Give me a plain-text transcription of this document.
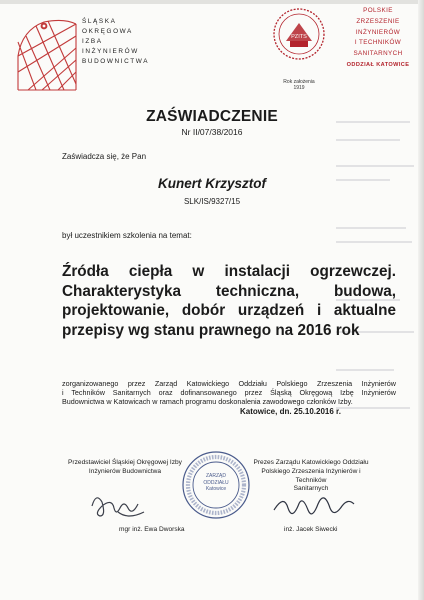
ŚLĄSKA
OKRĘGOWA
IZBA
INŻYNIERÓW
BUDOWNICTWA
PZITS
Rok założenia
1919
POLSKIE
ZRZESZENIE
INŻYNIERÓW
I TECHNIKÓW
SANITARNYCH
ODDZIAŁ KATOWICE
ZAŚWIADCZENIE
Nr II/07/38/2016
Zaświadcza się, że Pan
Kunert Krzysztof
SLK/IS/9327/15
był uczestnikiem szkolenia na temat:
Źródła ciepła w instalacji ogrzewczej.
Charakterystyka techniczna, budowa,
projektowanie, dobór urządzeń i aktualne
przepisy wg stanu prawnego na 2016 rok
zorganizowanego przez Zarząd Katowickiego Oddziału Polskiego Zrzeszenia Inżynierów
i Techników Sanitarnych oraz dofinansowanego przez Śląską Okręgową Izbę Inżynierów
Budownictwa w Katowicach w ramach programu doskonalenia zawodowego członków Izby.
Katowice, dn. 25.10.2016 r.
Przedstawiciel Śląskiej Okręgowej Izby
Inżynierów Budownictwa
mgr inż. Ewa Dworska
Prezes Zarządu Katowickiego Oddziału
Polskiego Zrzeszenia Inżynierów i Techników
Sanitarnych
inż. Jacek Siwecki
ZARZĄD
ODDZIAŁU
Katowice
